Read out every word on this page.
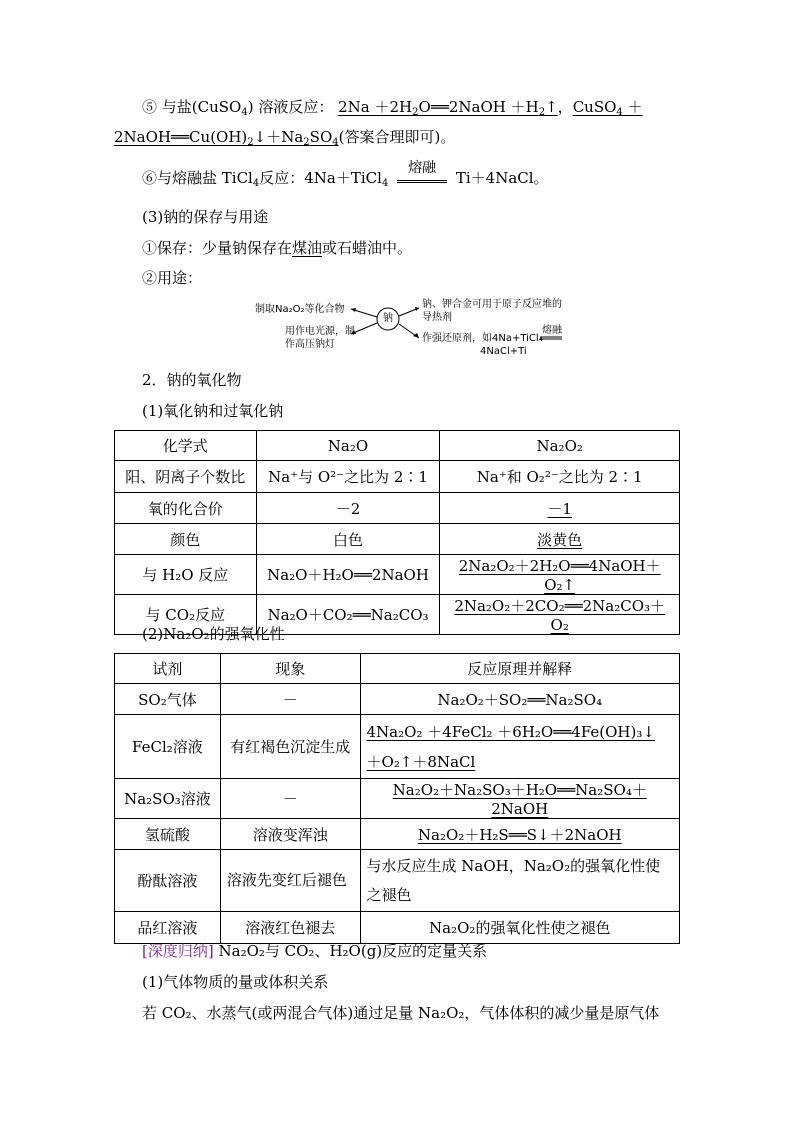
⑤ 与盐(CuSO$_4$) 溶液反应： $2Na +2H_2O══2NaOH$ $+H_2↑$，CuSO$_4$ ＋
$2NaOH══Cu(OH)_2↓+Na_2SO_4$(答案合理即可)。
⑥与熔融盐 TiCl$_4$反应：4Na＋TiCl$_4$
熔融
Ti＋4NaCl。
(3)钠的保存与用途
①保存：少量钠保存在煤油或石蜡油中。
②用途：
钠
制取Na₂O₂等化合物
用作电光源，制
作高压钠灯
钠、钾合金可用于原子反应堆的
导热剂
作强还原剂，如4Na+TiCl₄
熔融
4NaCl+Ti
2．钠的氧化物
(1)氧化钠和过氧化钠
化学式	Na₂O	Na₂O₂
阳、阴离子个数比	Na⁺与 O²⁻之比为 2∶1	Na⁺和 O₂²⁻之比为 2∶1
氧的化合价	－2	－1
颜色	白色	淡黄色
与 H₂O 反应	Na₂O＋H₂O══2NaOH	2Na₂O₂＋2H₂O══4NaOH＋O₂↑
与 CO₂反应	Na₂O＋CO₂══Na₂CO₃	2Na₂O₂＋2CO₂══2Na₂CO₃＋O₂
(2)Na₂O₂的强氧化性
试剂	现象	反应原理并解释
SO₂气体	－	Na₂O₂＋SO₂══Na₂SO₄
FeCl₂溶液	有红褐色沉淀生成	4Na₂O₂ ＋4FeCl₂ ＋6H₂O══4Fe(OH)₃↓ ＋O₂↑＋8NaCl
Na₂SO₃溶液	－	Na₂O₂＋Na₂SO₃＋H₂O══Na₂SO₄＋2NaOH
氢硫酸	溶液变浑浊	Na₂O₂＋H₂S══S↓＋2NaOH
酚酞溶液	溶液先变红后褪色	与水反应生成 NaOH，Na₂O₂的强氧化性使之褪色
品红溶液	溶液红色褪去	Na₂O₂的强氧化性使之褪色
[深度归纳] Na₂O₂与 CO₂、H₂O(g)反应的定量关系
(1)气体物质的量或体积关系
若 CO₂、水蒸气(或两混合气体)通过足量 Na₂O₂，气体体积的减少量是原气体
